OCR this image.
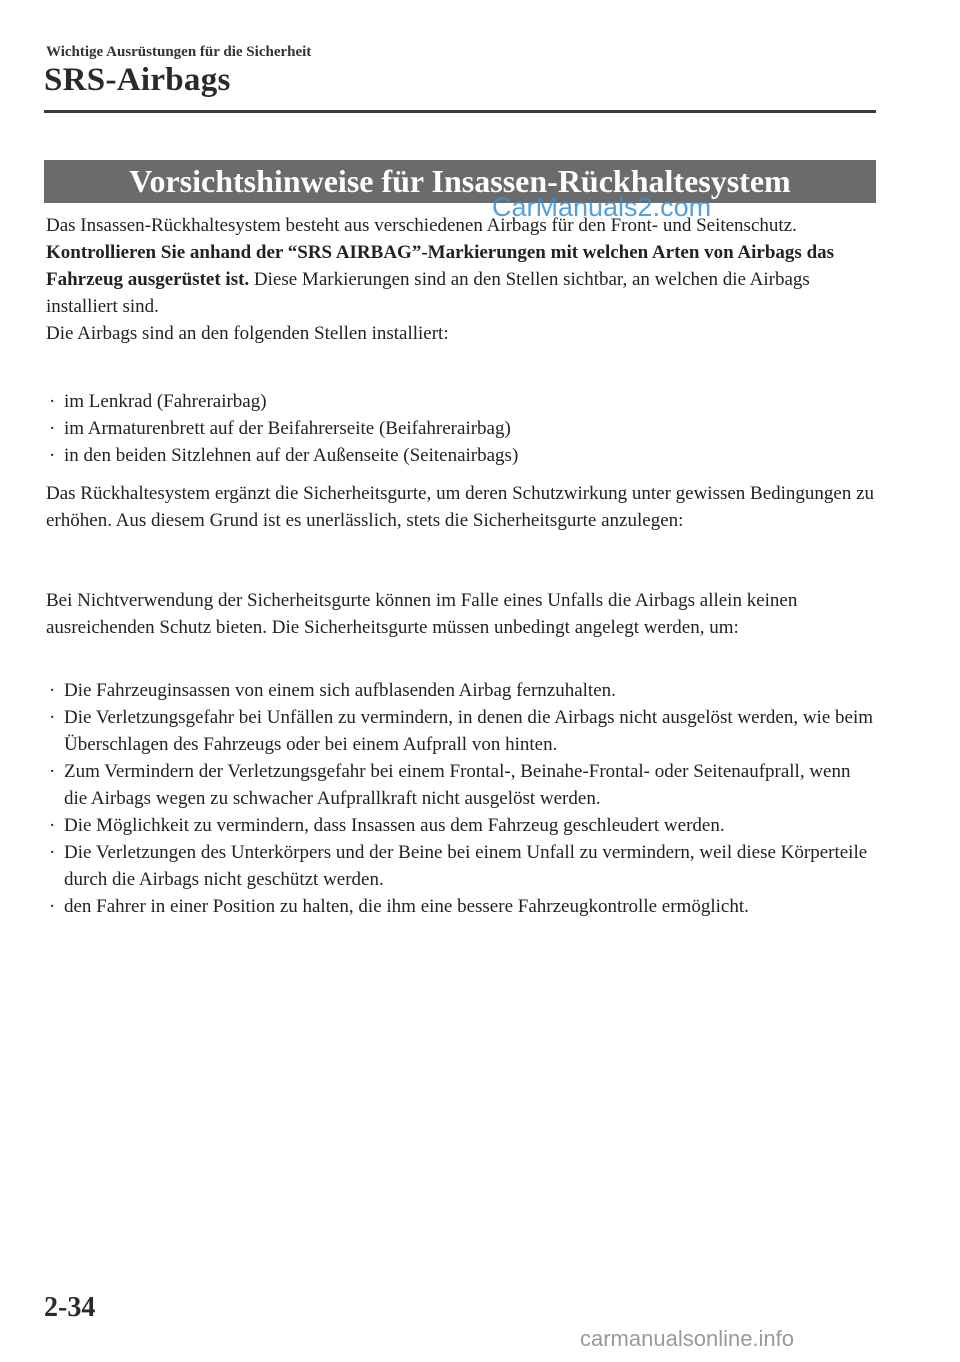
Wichtige Ausrüstungen für die Sicherheit
SRS-Airbags
Vorsichtshinweise für Insassen-Rückhaltesystem
CarManuals2.com
Das Insassen-Rückhaltesystem besteht aus verschiedenen Airbags für den Front- und Seitenschutz. Kontrollieren Sie anhand der “SRS AIRBAG”-Markierungen mit welchen Arten von Airbags das Fahrzeug ausgerüstet ist. Diese Markierungen sind an den Stellen sichtbar, an welchen die Airbags installiert sind.
Die Airbags sind an den folgenden Stellen installiert:
· im Lenkrad (Fahrerairbag)
· im Armaturenbrett auf der Beifahrerseite (Beifahrerairbag)
· in den beiden Sitzlehnen auf der Außenseite (Seitenairbags)
Das Rückhaltesystem ergänzt die Sicherheitsgurte, um deren Schutzwirkung unter gewissen Bedingungen zu erhöhen. Aus diesem Grund ist es unerlässlich, stets die Sicherheitsgurte anzulegen:
Bei Nichtverwendung der Sicherheitsgurte können im Falle eines Unfalls die Airbags allein keinen ausreichenden Schutz bieten. Die Sicherheitsgurte müssen unbedingt angelegt werden, um:
· Die Fahrzeuginsassen von einem sich aufblasenden Airbag fernzuhalten.
· Die Verletzungsgefahr bei Unfällen zu vermindern, in denen die Airbags nicht ausgelöst werden, wie beim Überschlagen des Fahrzeugs oder bei einem Aufprall von hinten.
· Zum Vermindern der Verletzungsgefahr bei einem Frontal-, Beinahe-Frontal- oder Seitenaufprall, wenn die Airbags wegen zu schwacher Aufprallkraft nicht ausgelöst werden.
· Die Möglichkeit zu vermindern, dass Insassen aus dem Fahrzeug geschleudert werden.
· Die Verletzungen des Unterkörpers und der Beine bei einem Unfall zu vermindern, weil diese Körperteile durch die Airbags nicht geschützt werden.
· den Fahrer in einer Position zu halten, die ihm eine bessere Fahrzeugkontrolle ermöglicht.
2-34
carmanualsonline.info
